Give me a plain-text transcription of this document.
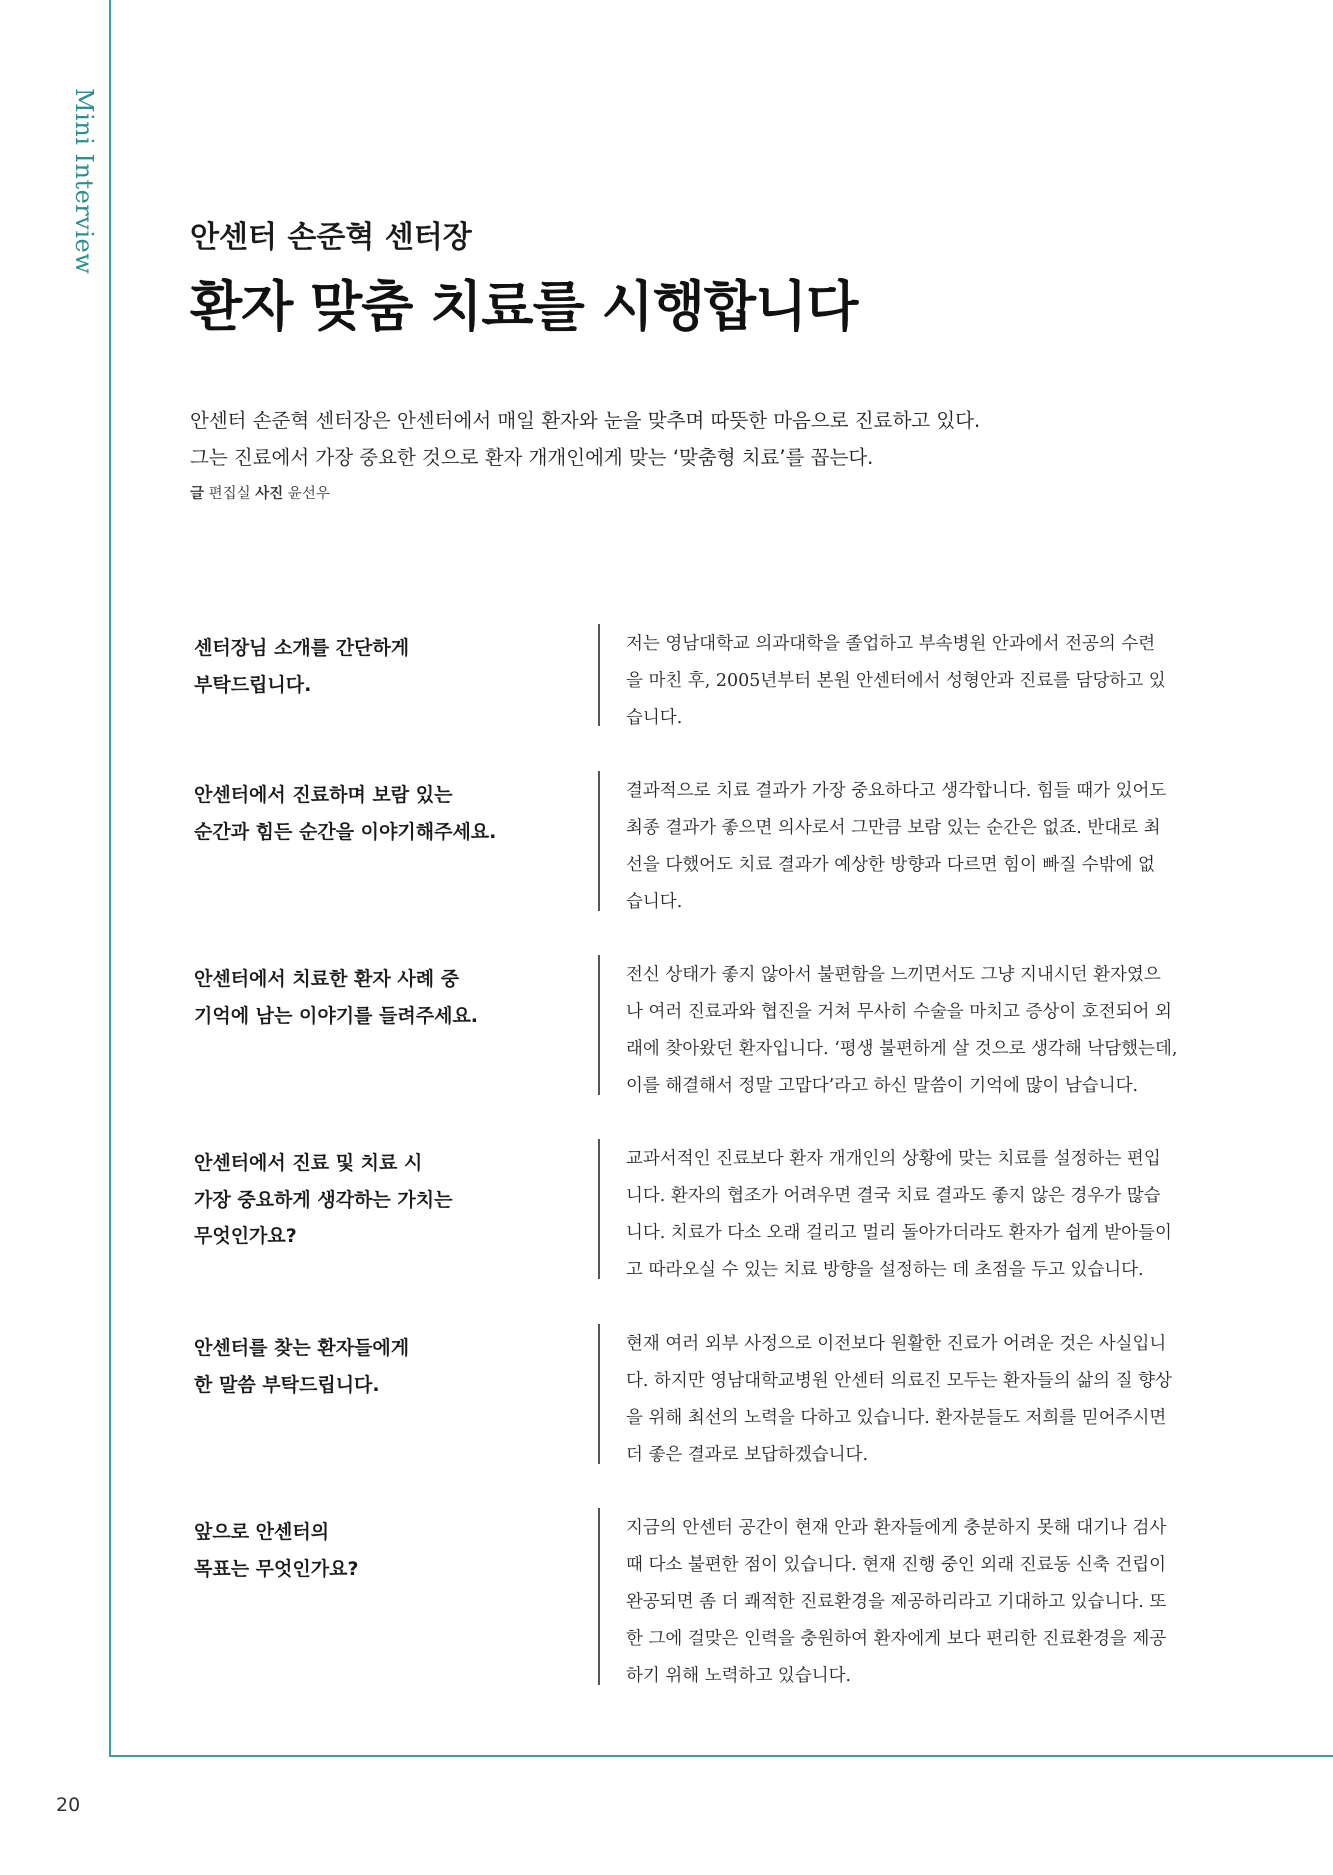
Mini Interview	안센터 손준혁 센터장
환자 맞춤 치료를 시행합니다

안센터 손준혁 센터장은 안센터에서 매일 환자와 눈을 맞추며 따뜻한 마음으로 진료하고 있다.

그는 진료에서 가장 중요한 것으로 환자 개개인에게 맞는 ‘맞춤형 치료’를 꼽는다.

글 편집실 사진 윤선우
센터장님 소개를 간단하게
부탁드립니다.
저는 영남대학교 의과대학을 졸업하고 부속병원 안과에서 전공의 수련
을 마친 후, 2005년부터 본원 안센터에서 성형안과 진료를 담당하고 있
습니다.
안센터에서 진료하며 보람 있는
순간과 힘든 순간을 이야기해주세요.
결과적으로 치료 결과가 가장 중요하다고 생각합니다. 힘들 때가 있어도
최종 결과가 좋으면 의사로서 그만큼 보람 있는 순간은 없죠. 반대로 최
선을 다했어도 치료 결과가 예상한 방향과 다르면 힘이 빠질 수밖에 없
습니다.
안센터에서 치료한 환자 사례 중
기억에 남는 이야기를 들려주세요.
전신 상태가 좋지 않아서 불편함을 느끼면서도 그냥 지내시던 환자였으
나 여러 진료과와 협진을 거쳐 무사히 수술을 마치고 증상이 호전되어 외
래에 찾아왔던 환자입니다. ‘평생 불편하게 살 것으로 생각해 낙담했는데,
이를 해결해서 정말 고맙다’라고 하신 말씀이 기억에 많이 남습니다.
안센터에서 진료 및 치료 시
가장 중요하게 생각하는 가치는
무엇인가요?
교과서적인 진료보다 환자 개개인의 상황에 맞는 치료를 설정하는 편입
니다. 환자의 협조가 어려우면 결국 치료 결과도 좋지 않은 경우가 많습
니다. 치료가 다소 오래 걸리고 멀리 돌아가더라도 환자가 쉽게 받아들이
고 따라오실 수 있는 치료 방향을 설정하는 데 초점을 두고 있습니다.
안센터를 찾는 환자들에게
한 말씀 부탁드립니다.
현재 여러 외부 사정으로 이전보다 원활한 진료가 어려운 것은 사실입니
다. 하지만 영남대학교병원 안센터 의료진 모두는 환자들의 삶의 질 향상
을 위해 최선의 노력을 다하고 있습니다. 환자분들도 저희를 믿어주시면
더 좋은 결과로 보답하겠습니다.
앞으로 안센터의
목표는 무엇인가요?
지금의 안센터 공간이 현재 안과 환자들에게 충분하지 못해 대기나 검사
때 다소 불편한 점이 있습니다. 현재 진행 중인 외래 진료동 신축 건립이
완공되면 좀 더 쾌적한 진료환경을 제공하리라고 기대하고 있습니다. 또
한 그에 걸맞은 인력을 충원하여 환자에게 보다 편리한 진료환경을 제공
하기 위해 노력하고 있습니다.
20
